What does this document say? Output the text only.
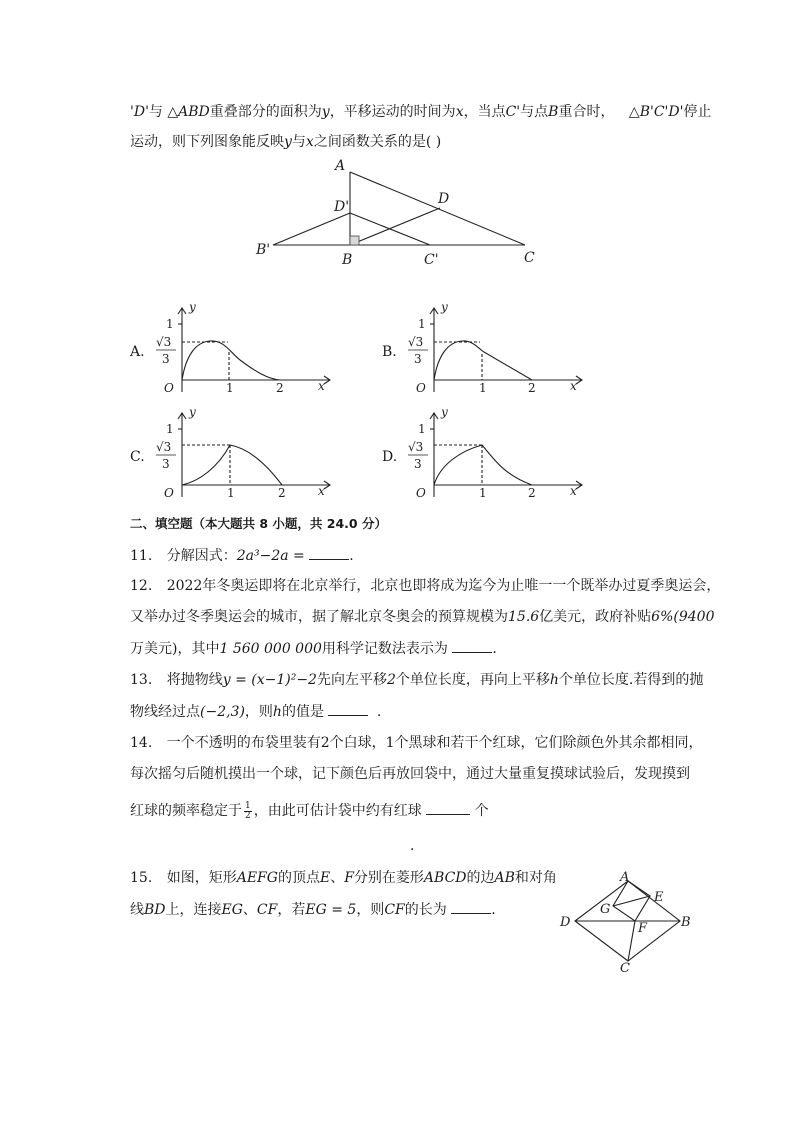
'D'与 △ABD重叠部分的面积为y，平移运动的时间为x，当点C'与点B重合时， △B'C'D'停止
运动，则下列图象能反映y与x之间函数关系的是( )
A
D
D'
B'
B	C'	C
A.
y
1
√3
3
O	1	2	x
B.
y
1
√3
3
O	1	2	x
C.
y
1
√3
3
O	1	2	x
D.
y
1
√3
3
O	1	2	x
二、填空题（本大题共 8 小题，共 24.0 分）
11. 分解因式：2a³−2a =	.
12. 2022年冬奥运即将在北京举行，北京也即将成为迄今为止唯一一个既举办过夏季奥运会，
又举办过冬季奥运会的城市，据了解北京冬奥会的预算规模为15.6亿美元，政府补贴6%(9400
万美元)，其中1 560 000 000用科学记数法表示为	.
13. 将抛物线y = (x−1)²−2先向左平移2个单位长度，再向上平移h个单位长度.若得到的抛
物线经过点(−2,3)，则h的值是	.
14. 一个不透明的布袋里装有2个白球，1个黑球和若干个红球，它们除颜色外其余都相同，
每次摇匀后随机摸出一个球，记下颜色后再放回袋中，通过大量重复摸球试验后，发现摸到
红球的频率稳定于 $\frac{1}{2}$ ，由此可估计袋中约有红球	个
.
15. 如图，矩形AEFG的顶点E、F分别在菱形ABCD的边AB和对角
线BD上，连接EG、CF，若EG = 5，则CF的长为	.
A
E
G
D	F	B
C
